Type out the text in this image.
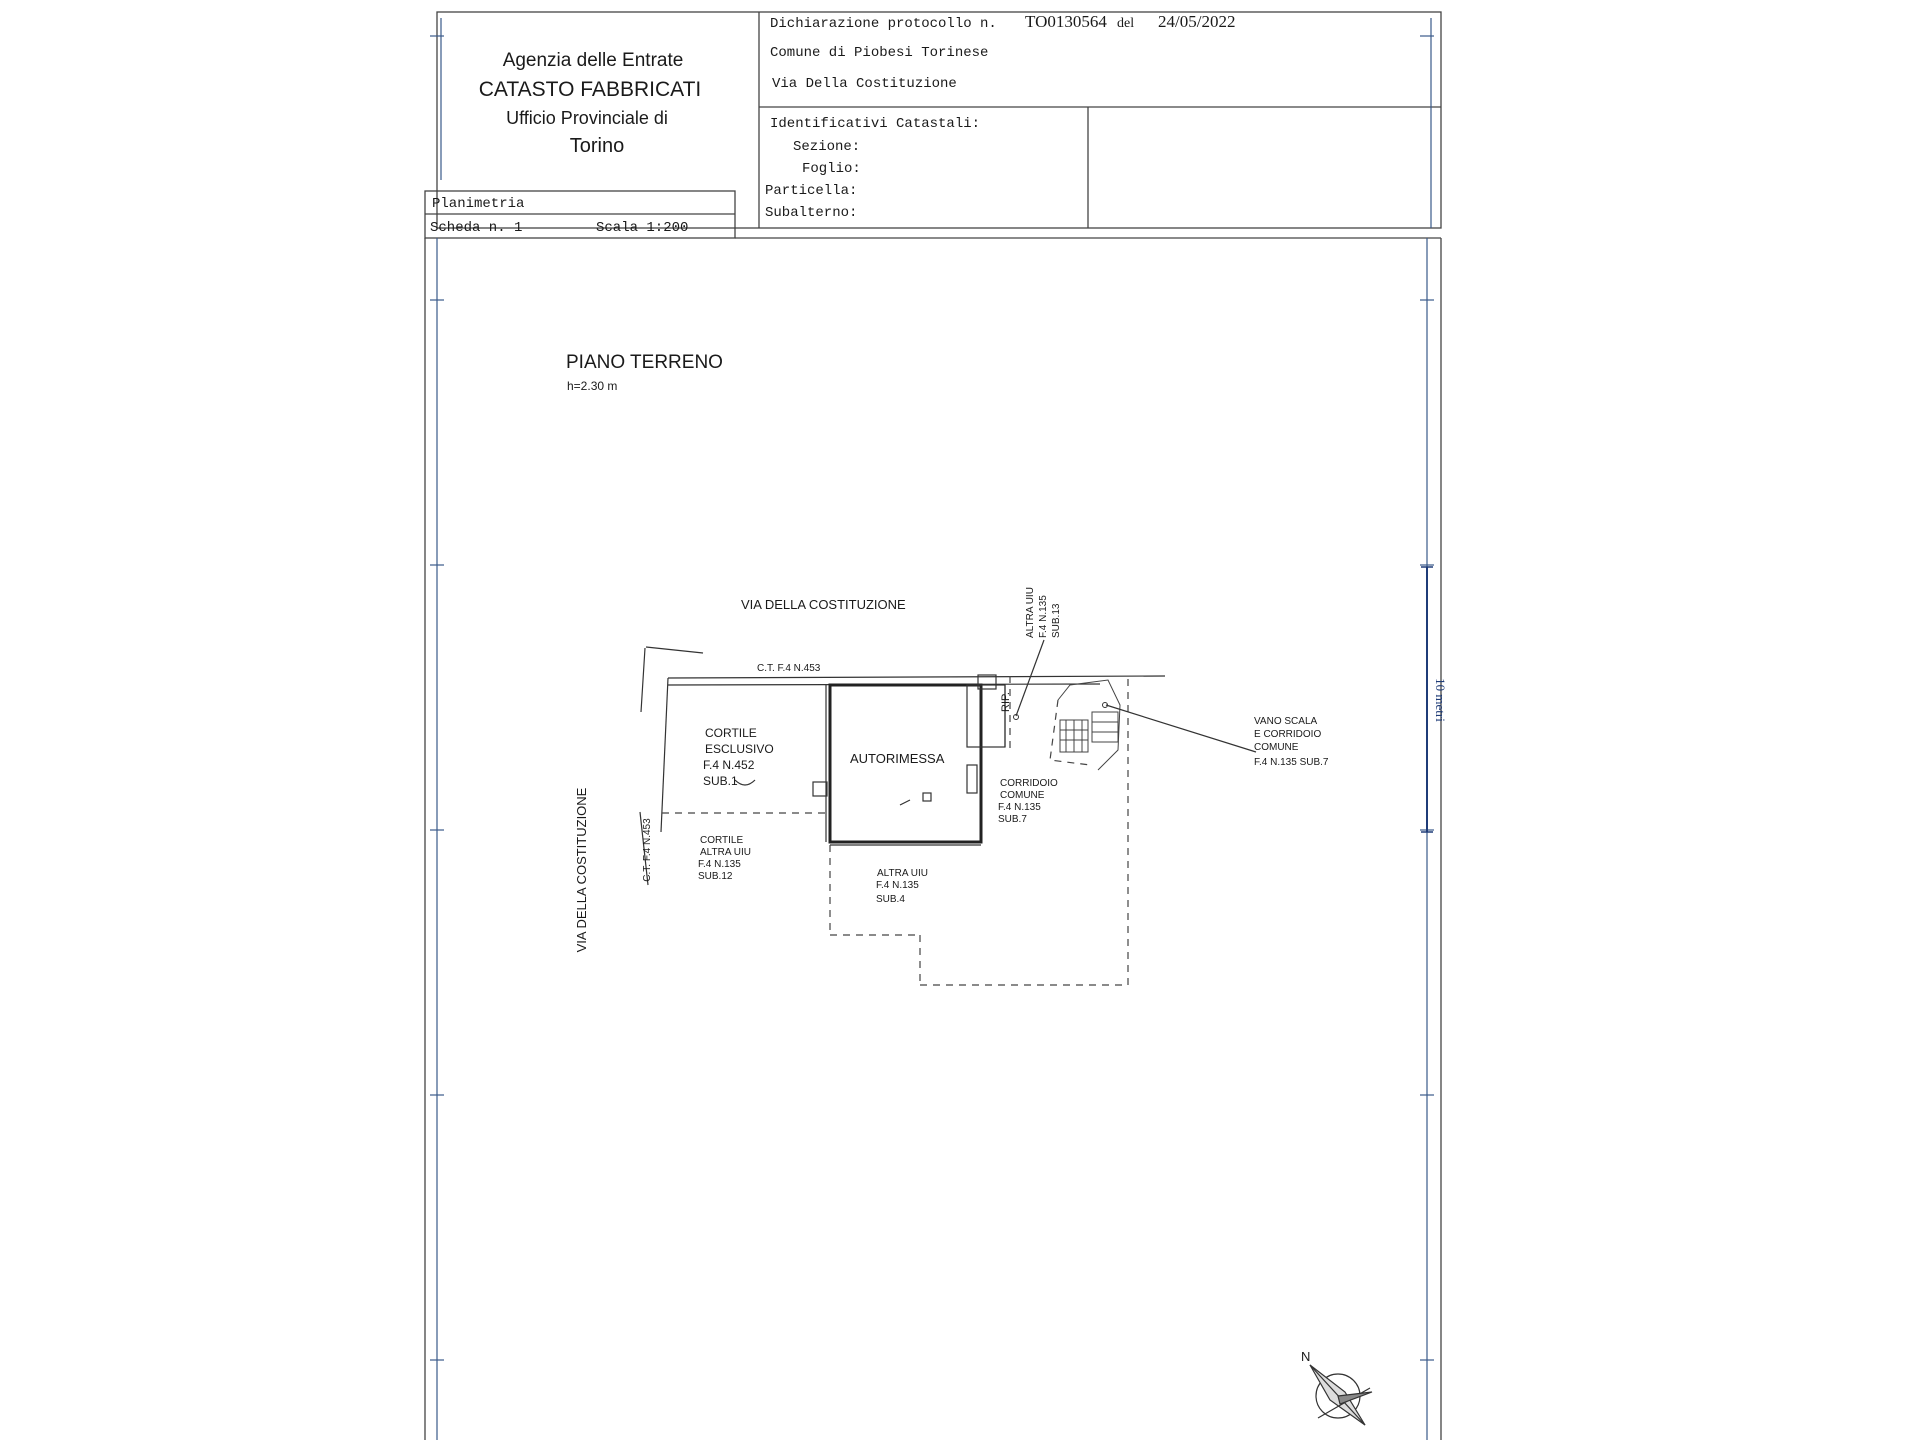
Agenzia delle Entrate
CATASTO FABBRICATI
Ufficio Provinciale di
Torino
Dichiarazione protocollo n. TO0130564 del 24/05/2022
Comune di Piobesi Torinese
Via Della Costituzione
Identificativi Catastali:
Sezione:
Foglio:
Particella:
Subalterno:
Planimetria
Scheda n. 1	Scala 1:200
10 metri
PIANO TERRENO
h=2.30 m
VIA DELLA COSTITUZIONE
VIA DELLA COSTITUZIONE
C.T. F.4 N.453
C.T. F.4 N.453
CORTILE
ESCLUSIVO
F.4 N.452
SUB.1
AUTORIMESSA
RIP.
ALTRA UIU F.4 N.135 SUB.13
VANO SCALA
E CORRIDOIO
COMUNE
F.4 N.135 SUB.7
CORRIDOIO
COMUNE
F.4 N.135
SUB.7
CORTILE
ALTRA UIU
F.4 N.135
SUB.12	ALTRA UIU
F.4 N.135
SUB.4
N
